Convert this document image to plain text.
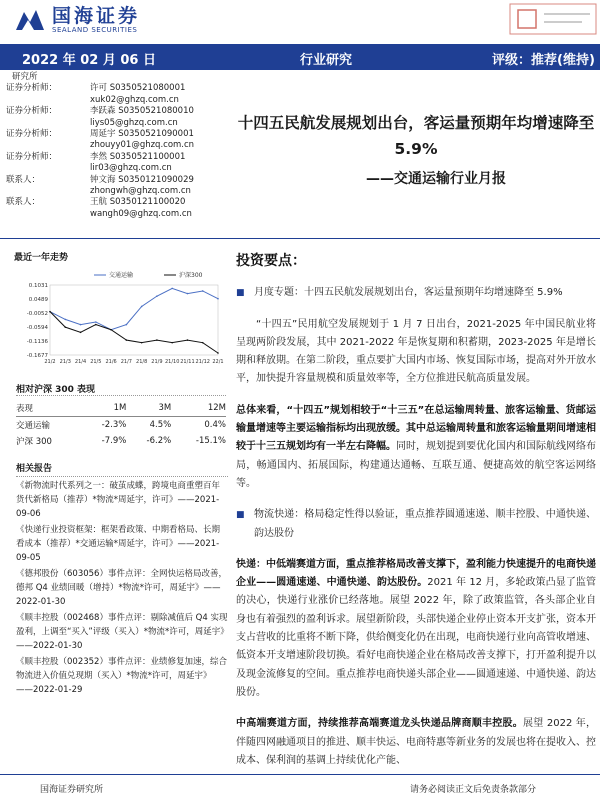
国海证券
SEALAND SECURITIES
2022 年 02 月 06 日	行业研究	评级：推荐(维持)
研究所
证券分析师：	许可 S0350521080001
xuk02@ghzq.com.cn
证券分析师：	李跃森 S0350521080010
liys05@ghzq.com.cn
证券分析师：	周延宇 S0350521090001
zhouyy01@ghzq.com.cn
证券分析师：	李然 S0350521100001
lir03@ghzq.com.cn
联系人：	钟文海 S0350121090029
zhongwh@ghzq.com.cn
联系人：	王航 S0350121100020
wangh09@ghzq.com.cn
十四五民航发展规划出台，客运量预期年均增速降至 5.9%
——交通运输行业月报
最近一年走势
0.1031
0.0489
-0.0052
-0.0594
-0.1136
-0.1677
21/2 21/3 21/4 21/5 21/6 21/7 21/8 21/9 21/10 21/11 21/12 22/1
交通运输	沪深300
相对沪深 300 表现
表现	1M	3M	12M
交通运输	-2.3%	4.5%	0.4%
沪深 300	-7.9%	-6.2%	-15.1%
相关报告
《新物流时代系列之一：破茧成蝶，跨境电商重塑百年货代新格局（推荐）*物流*周延宇，许可》——2021-09-06
《快递行业投资框架：框架看政策、中期看格局、长期看成本（推荐）*交通运输*周延宇，许可》——2021-09-05
《德邦股份（603056）事件点评：全网快运格局改善，德邦 Q4 业绩回暖（增持）*物流*许可，周延宇》——2022-01-30
《顺丰控股（002468）事件点评：剔除减值后 Q4 实现盈利，上调至“买入”评级（买入）*物流*许可，周延宇》——2022-01-30
《顺丰控股（002352）事件点评：业绩修复加速，综合物流进入价值兑现期（买入）*物流*许可，周延宇》——2022-01-29
投资要点：

■ 月度专题：十四五民航发展规划出台，客运量预期年均增速降至 5.9%

“十四五”民用航空发展规划于 1 月 7 日出台，2021-2025 年中国民航业将呈现两阶段发展，其中 2021-2022 年是恢复期和积蓄期，2023-2025 年是增长期和释放期。在第二阶段，重点要扩大国内市场、恢复国际市场，提高对外开放水平，加快提升容量规模和质量效率等，全方位推进民航高质量发展。

总体来看，“十四五”规划相较于“十三五”在总运输周转量、旅客运输量、货邮运输量增速等主要运输指标均出现放缓。其中总运输周转量和旅客运输量期间增速相较于十三五规划均有一半左右降幅。同时，规划提到要优化国内和国际航线网络布局，畅通国内、拓展国际，构建通达通畅、互联互通、便捷高效的航空客运网络等。

■ 物流快递：格局稳定性得以验证，重点推荐圆通速递、顺丰控股、中通快递、韵达股份

快递：中低端赛道方面，重点推荐格局改善支撑下，盈利能力快速提升的电商快递企业——圆通速递、中通快递、韵达股份。2021 年 12 月，多轮政策凸显了监管的决心，快递行业涨价已经落地。展望 2022 年，除了政策监管，各头部企业自身也有着强烈的盈利诉求。展望新阶段，头部快递企业停止资本开支扩张，资本开支占营收的比重将不断下降，供给侧变化仍在出现，电商快递行业向高管收增速、低资本开支增速阶段切换。看好电商快递企业在格局改善支撑下，打开盈利提升以及现金流修复的空间。重点推荐电商快递头部企业——圆通速递、中通快递、韵达股份。

中高端赛道方面，持续推荐高端赛道龙头快递品牌商顺丰控股。展望 2022 年，伴随四网融通项目的推进、顺丰快运、电商特惠等新业务的发展也将在提收入、控成本、保利润的基调上持续优化产能、

国海证券研究所	请务必阅读正文后免责条款部分
